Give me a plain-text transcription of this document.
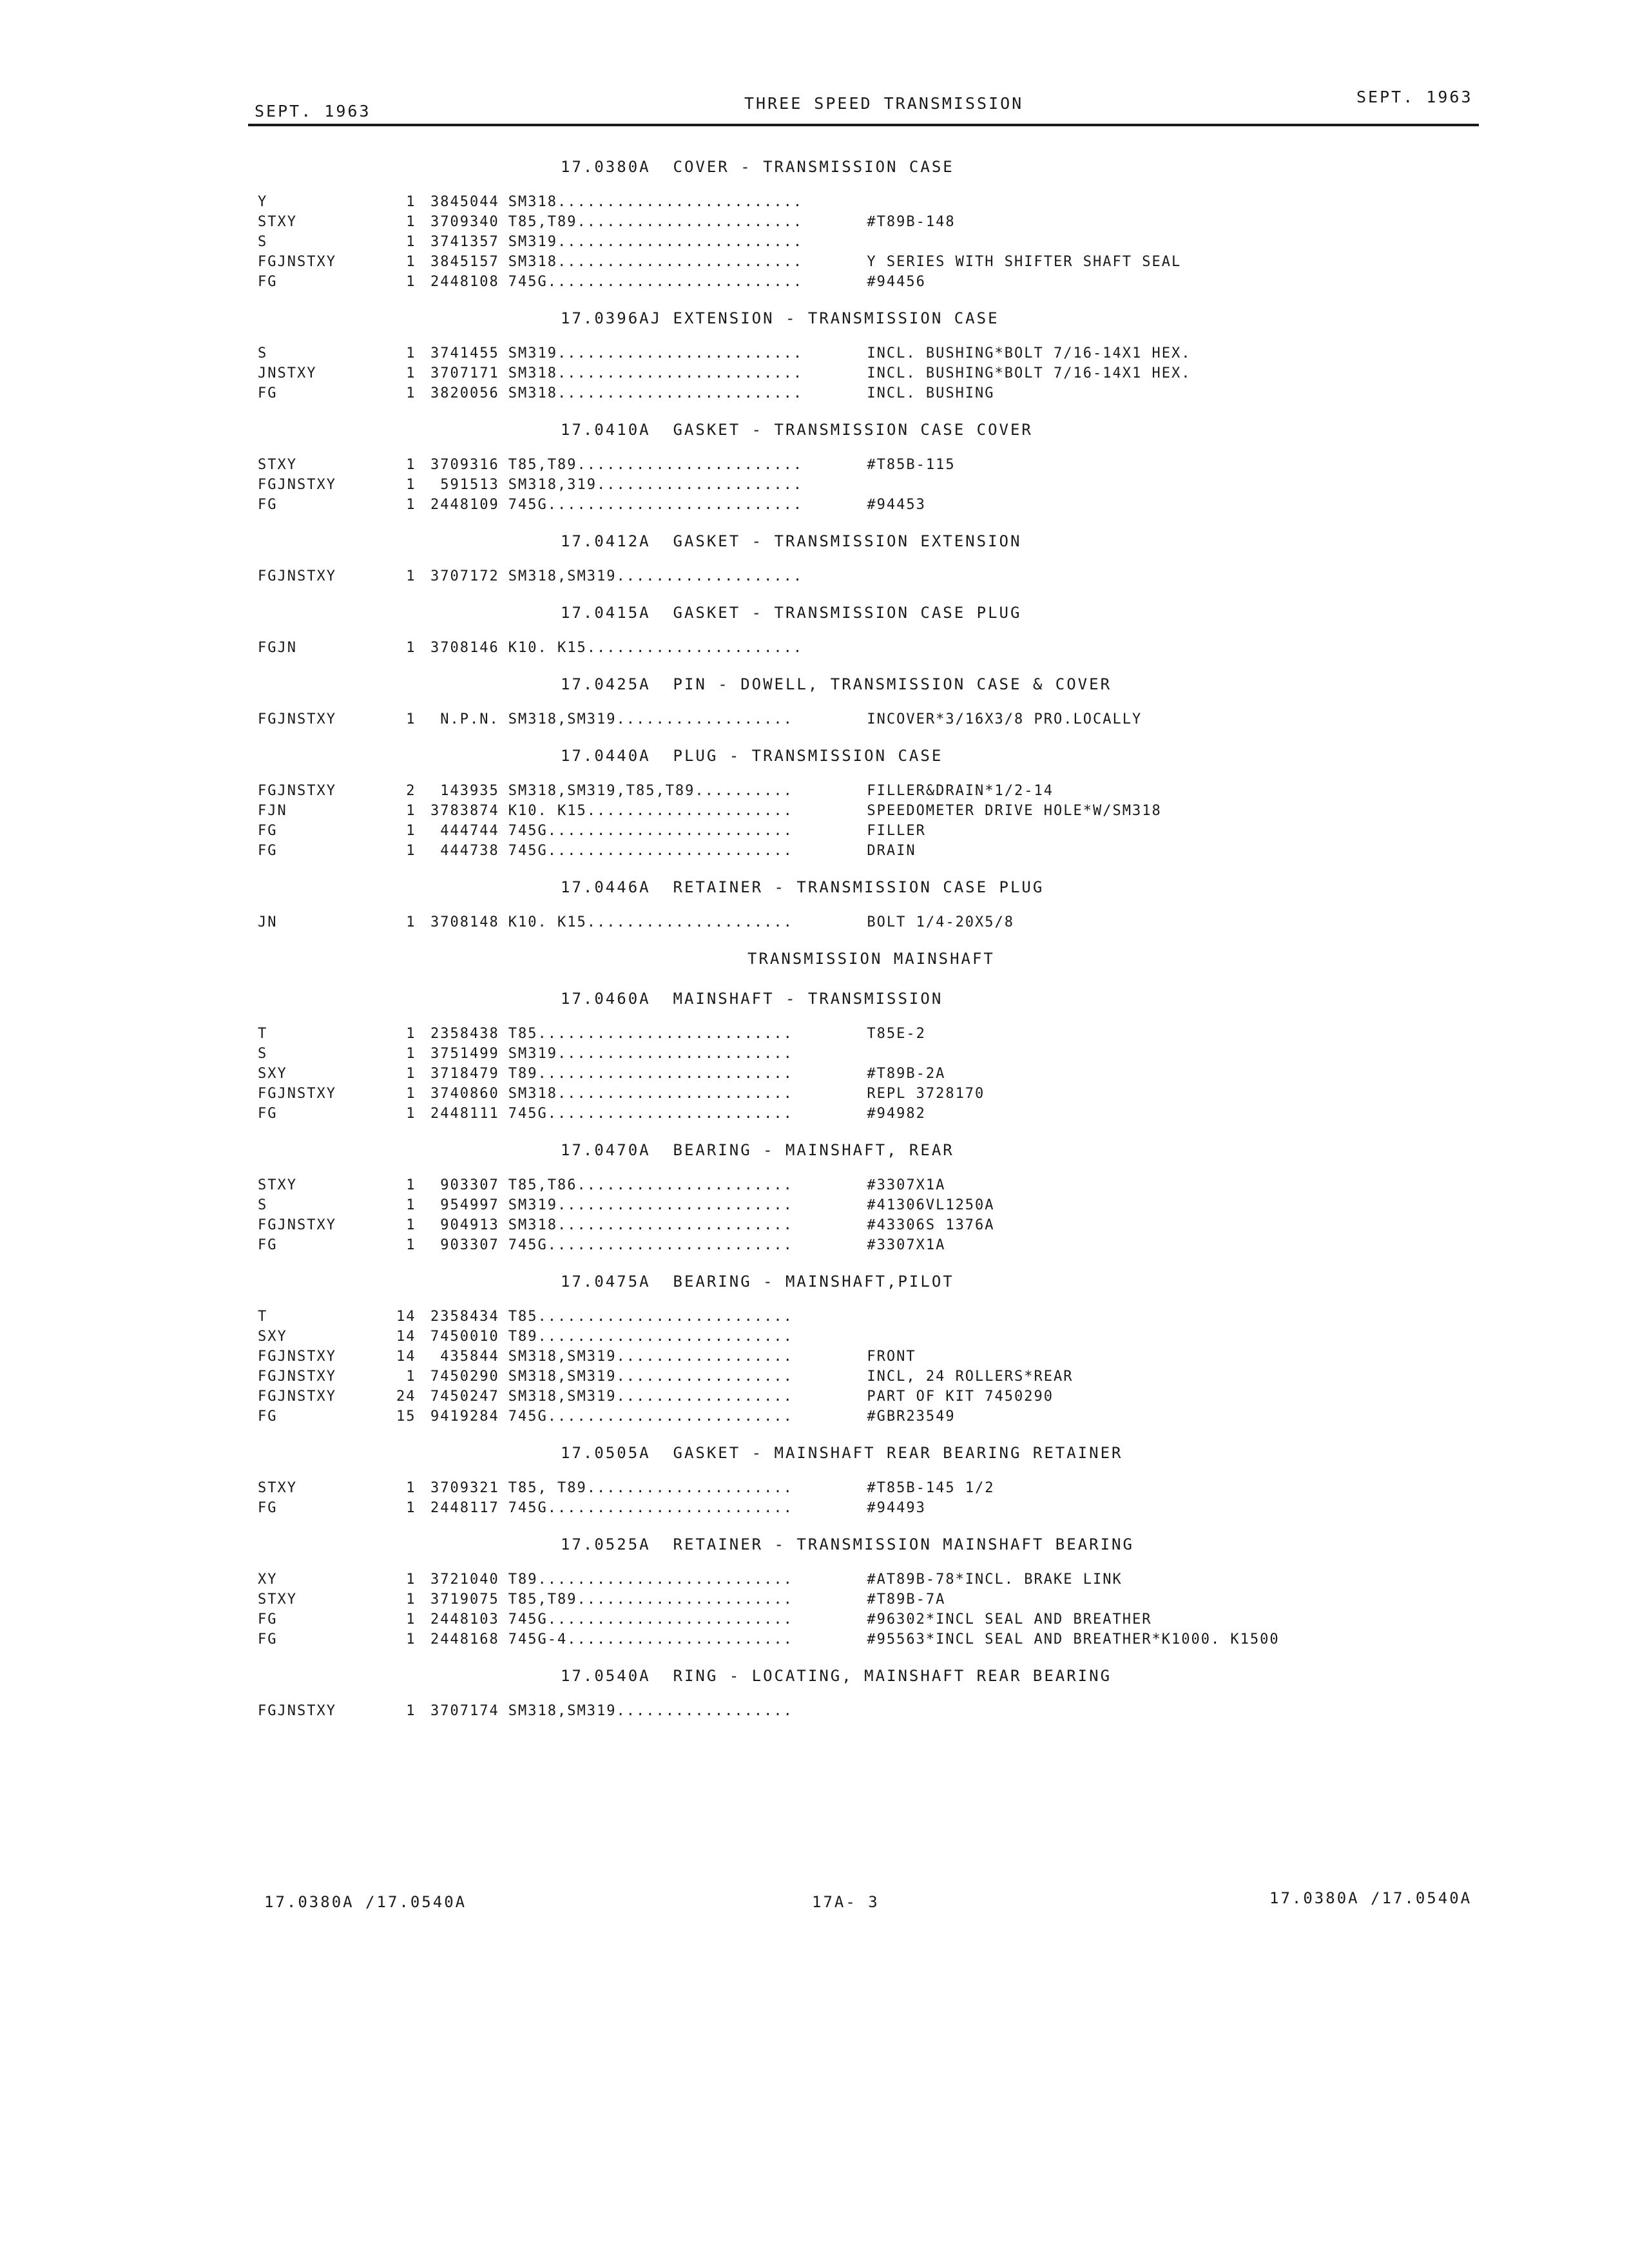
SEPT. 1963	THREE SPEED TRANSMISSION	SEPT. 1963
17.0380A  COVER - TRANSMISSION CASE
Y	1	3845044 SM318.........................
STXY	1	3709340 T85,T89.......................	#T89B-148
S	1	3741357 SM319.........................
FGJNSTXY	1	3845157 SM318.........................	Y SERIES WITH SHIFTER SHAFT SEAL
FG	1	2448108 745G..........................	#94456
17.0396AJ EXTENSION - TRANSMISSION CASE
S	1	3741455 SM319.........................	INCL. BUSHING*BOLT 7/16-14X1 HEX.
JNSTXY	1	3707171 SM318.........................	INCL. BUSHING*BOLT 7/16-14X1 HEX.
FG	1	3820056 SM318.........................	INCL. BUSHING
17.0410A  GASKET - TRANSMISSION CASE COVER
STXY	1	3709316 T85,T89.......................	#T85B-115
FGJNSTXY	1	591513 SM318,319.....................
FG	1	2448109 745G..........................	#94453
17.0412A  GASKET - TRANSMISSION EXTENSION
FGJNSTXY	1	3707172 SM318,SM319...................
17.0415A  GASKET - TRANSMISSION CASE PLUG
FGJN	1	3708146 K10. K15......................
17.0425A  PIN - DOWELL, TRANSMISSION CASE & COVER
FGJNSTXY	1	N.P.N. SM318,SM319..................	INCOVER*3/16X3/8 PRO.LOCALLY
17.0440A  PLUG - TRANSMISSION CASE
FGJNSTXY	2	143935 SM318,SM319,T85,T89..........	FILLER&DRAIN*1/2-14
FJN	1	3783874 K10. K15.....................	SPEEDOMETER DRIVE HOLE*W/SM318
FG	1	444744 745G.........................	FILLER
FG	1	444738 745G.........................	DRAIN
17.0446A  RETAINER - TRANSMISSION CASE PLUG
JN	1	3708148 K10. K15.....................	BOLT 1/4-20X5/8
TRANSMISSION MAINSHAFT
17.0460A  MAINSHAFT - TRANSMISSION
T	1	2358438 T85..........................	T85E-2
S	1	3751499 SM319........................
SXY	1	3718479 T89..........................	#T89B-2A
FGJNSTXY	1	3740860 SM318........................	REPL 3728170
FG	1	2448111 745G.........................	#94982
17.0470A  BEARING - MAINSHAFT, REAR
STXY	1	903307 T85,T86......................	#3307X1A
S	1	954997 SM319........................	#41306VL1250A
FGJNSTXY	1	904913 SM318........................	#43306S 1376A
FG	1	903307 745G.........................	#3307X1A
17.0475A  BEARING - MAINSHAFT,PILOT
T	14	2358434 T85..........................
SXY	14	7450010 T89..........................
FGJNSTXY	14	435844 SM318,SM319..................	FRONT
FGJNSTXY	1	7450290 SM318,SM319..................	INCL, 24 ROLLERS*REAR
FGJNSTXY	24	7450247 SM318,SM319..................	PART OF KIT 7450290
FG	15	9419284 745G.........................	#GBR23549
17.0505A  GASKET - MAINSHAFT REAR BEARING RETAINER
STXY	1	3709321 T85, T89.....................	#T85B-145 1/2
FG	1	2448117 745G.........................	#94493
17.0525A  RETAINER - TRANSMISSION MAINSHAFT BEARING
XY	1	3721040 T89..........................	#AT89B-78*INCL. BRAKE LINK
STXY	1	3719075 T85,T89......................	#T89B-7A
FG	1	2448103 745G.........................	#96302*INCL SEAL AND BREATHER
FG	1	2448168 745G-4.......................	#95563*INCL SEAL AND BREATHER*K1000. K1500
17.0540A  RING - LOCATING, MAINSHAFT REAR BEARING
FGJNSTXY	1	3707174 SM318,SM319..................
17.0380A /17.0540A	17A- 3	17.0380A /17.0540A
